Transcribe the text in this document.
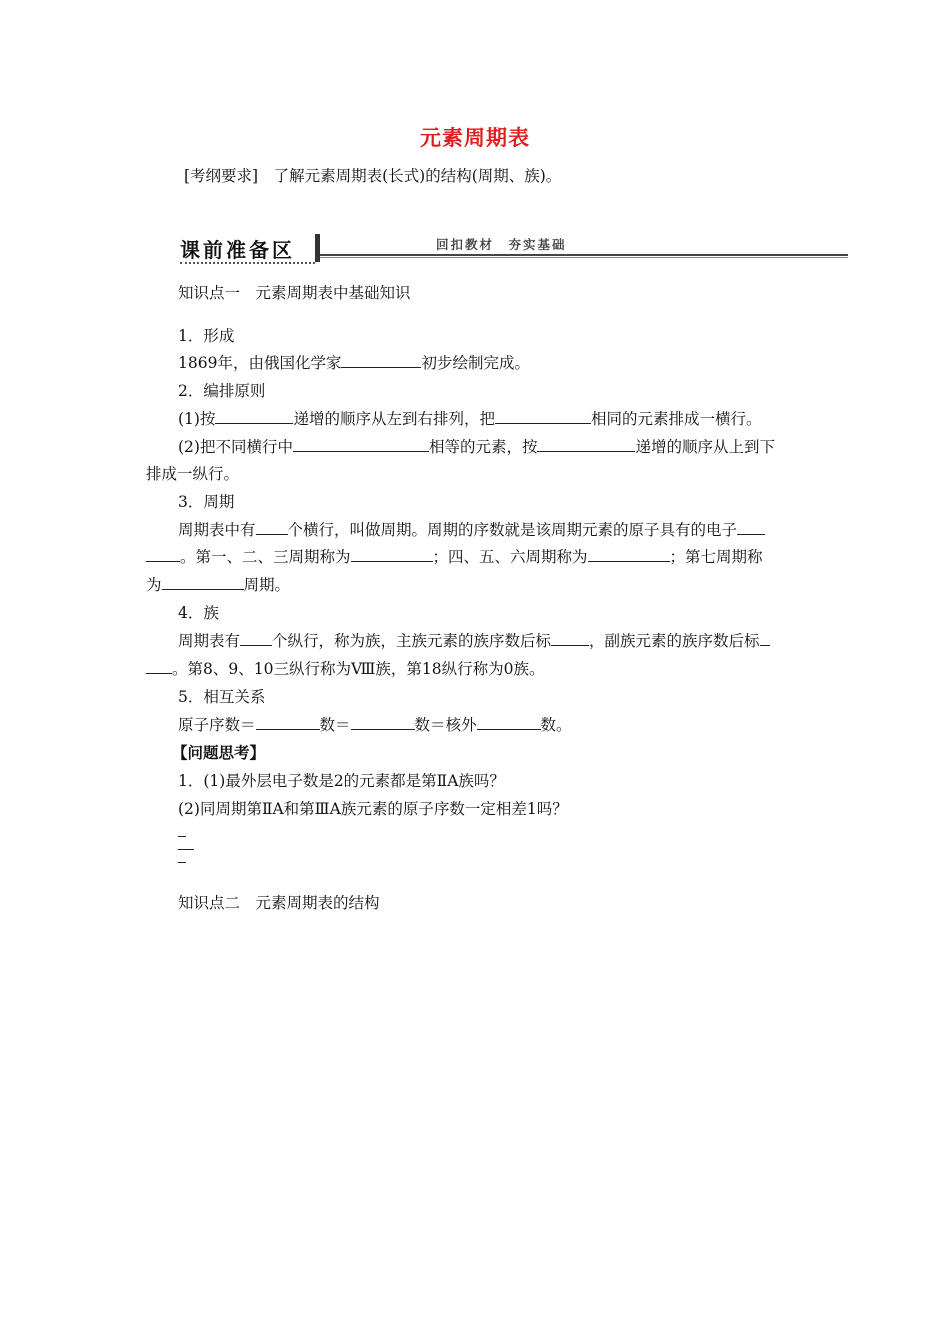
元素周期表
[考纲要求]　了解元素周期表(长式)的结构(周期、族)。
课前准备区	回扣教材　夯实基础
知识点一　元素周期表中基础知识
1．形成
1869年，由俄国化学家	初步绘制完成。
2．编排原则
(1)按	递增的顺序从左到右排列，把	相同的元素排成一横行。
(2)把不同横行中	相等的元素，按	递增的顺序从上到下
排成一纵行。
3．周期
周期表中有 个横行，叫做周期。周期的序数就是该周期元素的原子具有的电子
。第一、二、三周期称为	；四、五、六周期称为	；第七周期称
为	周期。
4．族
周期表有 个纵行，称为族，主族元素的族序数后标 ，副族元素的族序数后标
。第8、9、10三纵行称为Ⅷ族，第18纵行称为0族。
5．相互关系
原子序数＝	数＝	数＝核外	数。
【问题思考】
1．(1)最外层电子数是2的元素都是第ⅡA族吗？
(2)同周期第ⅡA和第ⅢA族元素的原子序数一定相差1吗？
知识点二　元素周期表的结构
